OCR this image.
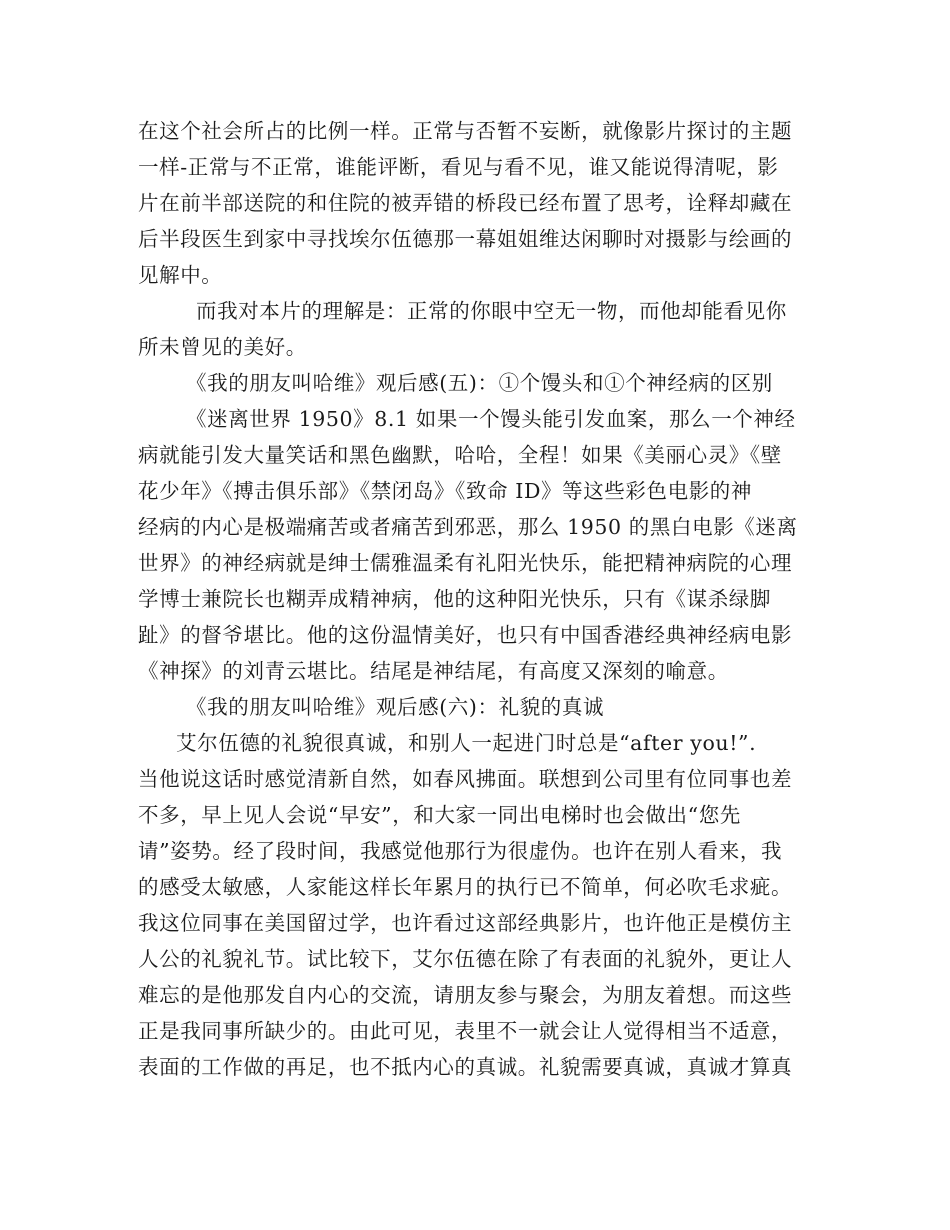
在这个社会所占的比例一样。正常与否暂不妄断，就像影片探讨的主题
一样-正常与不正常，谁能评断，看见与看不见，谁又能说得清呢，影
片在前半部送院的和住院的被弄错的桥段已经布置了思考，诠释却藏在
后半段医生到家中寻找埃尔伍德那一幕姐姐维达闲聊时对摄影与绘画的
见解中。
而我对本片的理解是：正常的你眼中空无一物，而他却能看见你
所未曾见的美好。
《我的朋友叫哈维》观后感(五)：①个馒头和①个神经病的区别
《迷离世界 1950》8.1 如果一个馒头能引发血案，那么一个神经
病就能引发大量笑话和黑色幽默，哈哈，全程！如果《美丽心灵》《壁
花少年》《搏击俱乐部》《禁闭岛》《致命 ID》等这些彩色电影的神
经病的内心是极端痛苦或者痛苦到邪恶，那么 1950 的黑白电影《迷离
世界》的神经病就是绅士儒雅温柔有礼阳光快乐，能把精神病院的心理
学博士兼院长也糊弄成精神病，他的这种阳光快乐，只有《谋杀绿脚
趾》的督爷堪比。他的这份温情美好，也只有中国香港经典神经病电影
《神探》的刘青云堪比。结尾是神结尾，有高度又深刻的喻意。
《我的朋友叫哈维》观后感(六)：礼貌的真诚
艾尔伍德的礼貌很真诚，和别人一起进门时总是“after you!”.
当他说这话时感觉清新自然，如春风拂面。联想到公司里有位同事也差
不多，早上见人会说“早安”，和大家一同出电梯时也会做出“您先
请”姿势。经了段时间，我感觉他那行为很虚伪。也许在别人看来，我
的感受太敏感，人家能这样长年累月的执行已不简单，何必吹毛求疵。
我这位同事在美国留过学，也许看过这部经典影片，也许他正是模仿主
人公的礼貌礼节。试比较下，艾尔伍德在除了有表面的礼貌外，更让人
难忘的是他那发自内心的交流，请朋友参与聚会，为朋友着想。而这些
正是我同事所缺少的。由此可见，表里不一就会让人觉得相当不适意，
表面的工作做的再足，也不抵内心的真诚。礼貌需要真诚，真诚才算真
